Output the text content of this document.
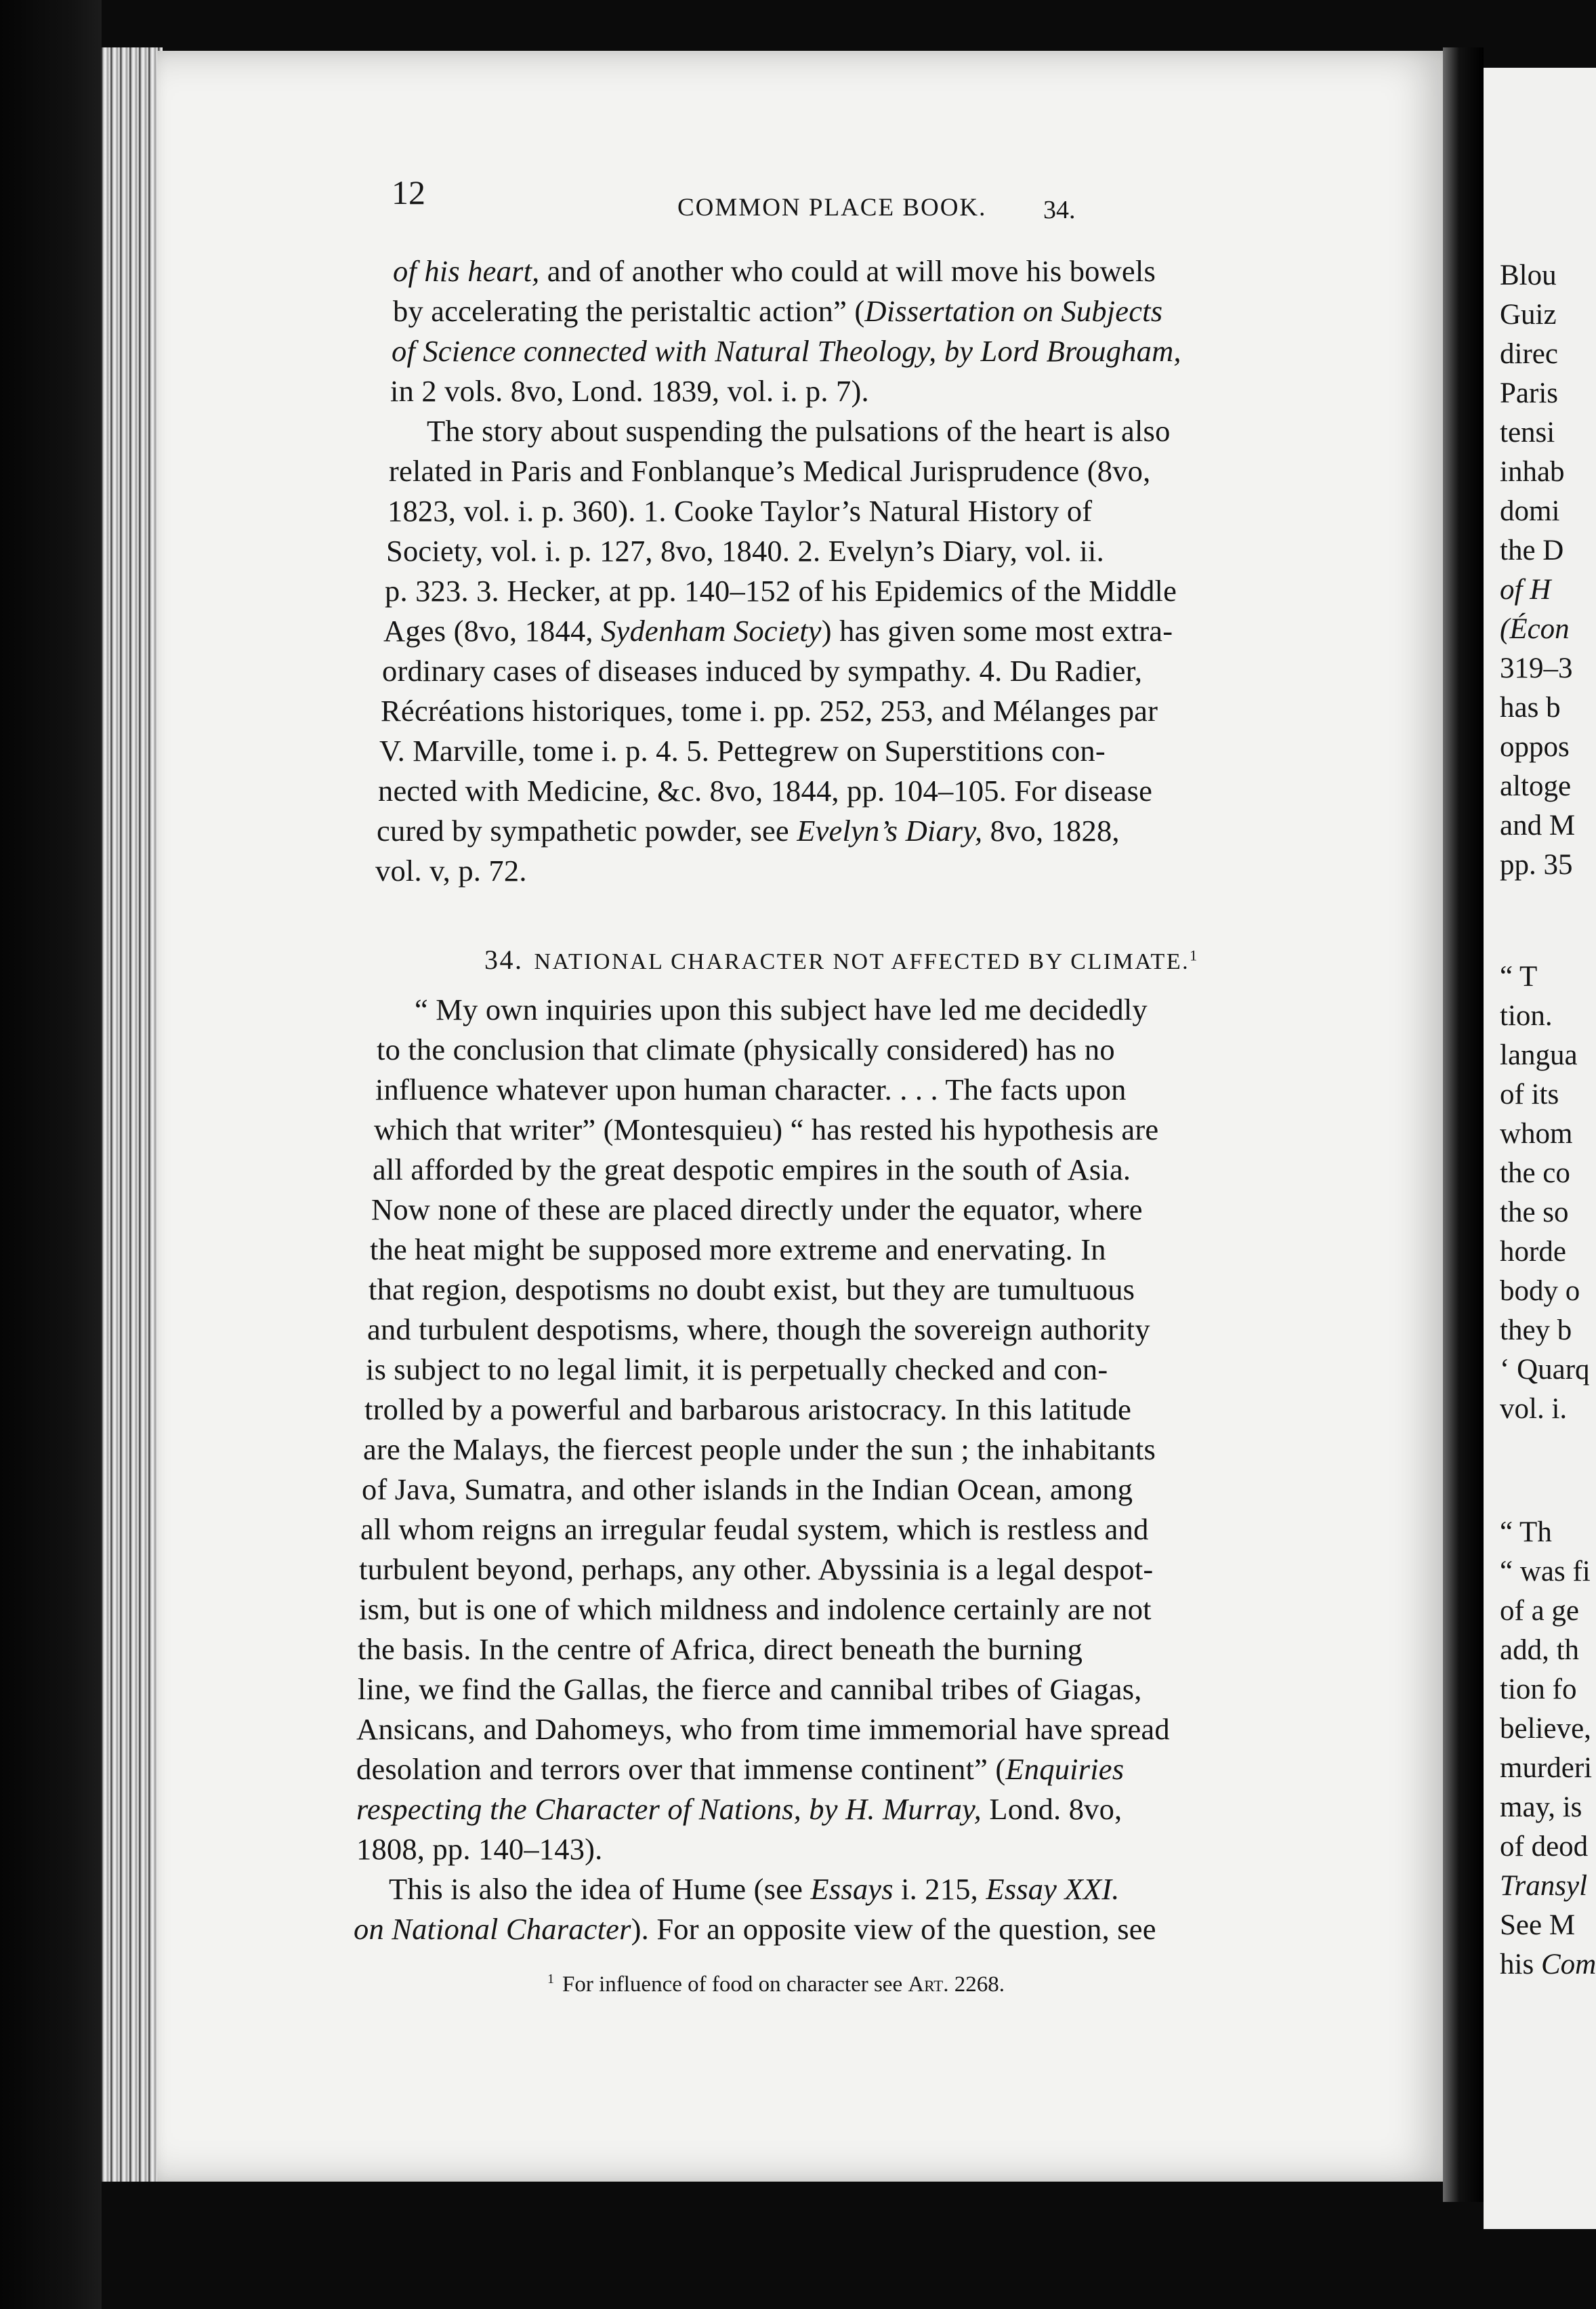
12	COMMON PLACE BOOK. 34.
of his heart, and of another who could at will move his bowels
by accelerating the peristaltic action” (Dissertation on Subjects
of Science connected with Natural Theology, by Lord Brougham,
in 2 vols. 8vo, Lond. 1839, vol. i. p. 7).
The story about suspending the pulsations of the heart is also
related in Paris and Fonblanque’s Medical Jurisprudence (8vo,
1823, vol. i. p. 360). 1. Cooke Taylor’s Natural History of
Society, vol. i. p. 127, 8vo, 1840. 2. Evelyn’s Diary, vol. ii.
p. 323. 3. Hecker, at pp. 140–152 of his Epidemics of the Middle
Ages (8vo, 1844, Sydenham Society) has given some most extra-
ordinary cases of diseases induced by sympathy. 4. Du Radier,
Récréations historiques, tome i. pp. 252, 253, and Mélanges par
V. Marville, tome i. p. 4. 5. Pettegrew on Superstitions con-
nected with Medicine, &c. 8vo, 1844, pp. 104–105. For disease
cured by sympathetic powder, see Evelyn’s Diary, 8vo, 1828,
vol. v, p. 72.
34. NATIONAL CHARACTER NOT AFFECTED BY CLIMATE.$^1$
“ My own inquiries upon this subject have led me decidedly
to the conclusion that climate (physically considered) has no
influence whatever upon human character. . . . The facts upon
which that writer” (Montesquieu) “ has rested his hypothesis are
all afforded by the great despotic empires in the south of Asia.
Now none of these are placed directly under the equator, where
the heat might be supposed more extreme and enervating. In
that region, despotisms no doubt exist, but they are tumultuous
and turbulent despotisms, where, though the sovereign authority
is subject to no legal limit, it is perpetually checked and con-
trolled by a powerful and barbarous aristocracy. In this latitude
are the Malays, the fiercest people under the sun ; the inhabitants
of Java, Sumatra, and other islands in the Indian Ocean, among
all whom reigns an irregular feudal system, which is restless and
turbulent beyond, perhaps, any other. Abyssinia is a legal despot-
ism, but is one of which mildness and indolence certainly are not
the basis. In the centre of Africa, direct beneath the burning
line, we find the Gallas, the fierce and cannibal tribes of Giagas,
Ansicans, and Dahomeys, who from time immemorial have spread
desolation and terrors over that immense continent” (Enquiries
respecting the Character of Nations, by H. Murray, Lond. 8vo,
1808, pp. 140–143).
This is also the idea of Hume (see Essays i. 215, Essay XXI.
on National Character). For an opposite view of the question, see
$^1$ For influence of food on character see Art. 2268.
Blou
Guiz
direc
Paris
tensi
inhab
domi
the D
of H
(Écon
319–3
has b
oppos
altoge
and M
pp. 35
“ T
tion.
langua
of its
whom
the co
the so
horde
body o
they b
‘ Quarq
vol. i.
“ Th
“ was fi
of a ge
add, th
tion fo
believe,
murderi
may, is
of deod
Transyl
See M
his Com
